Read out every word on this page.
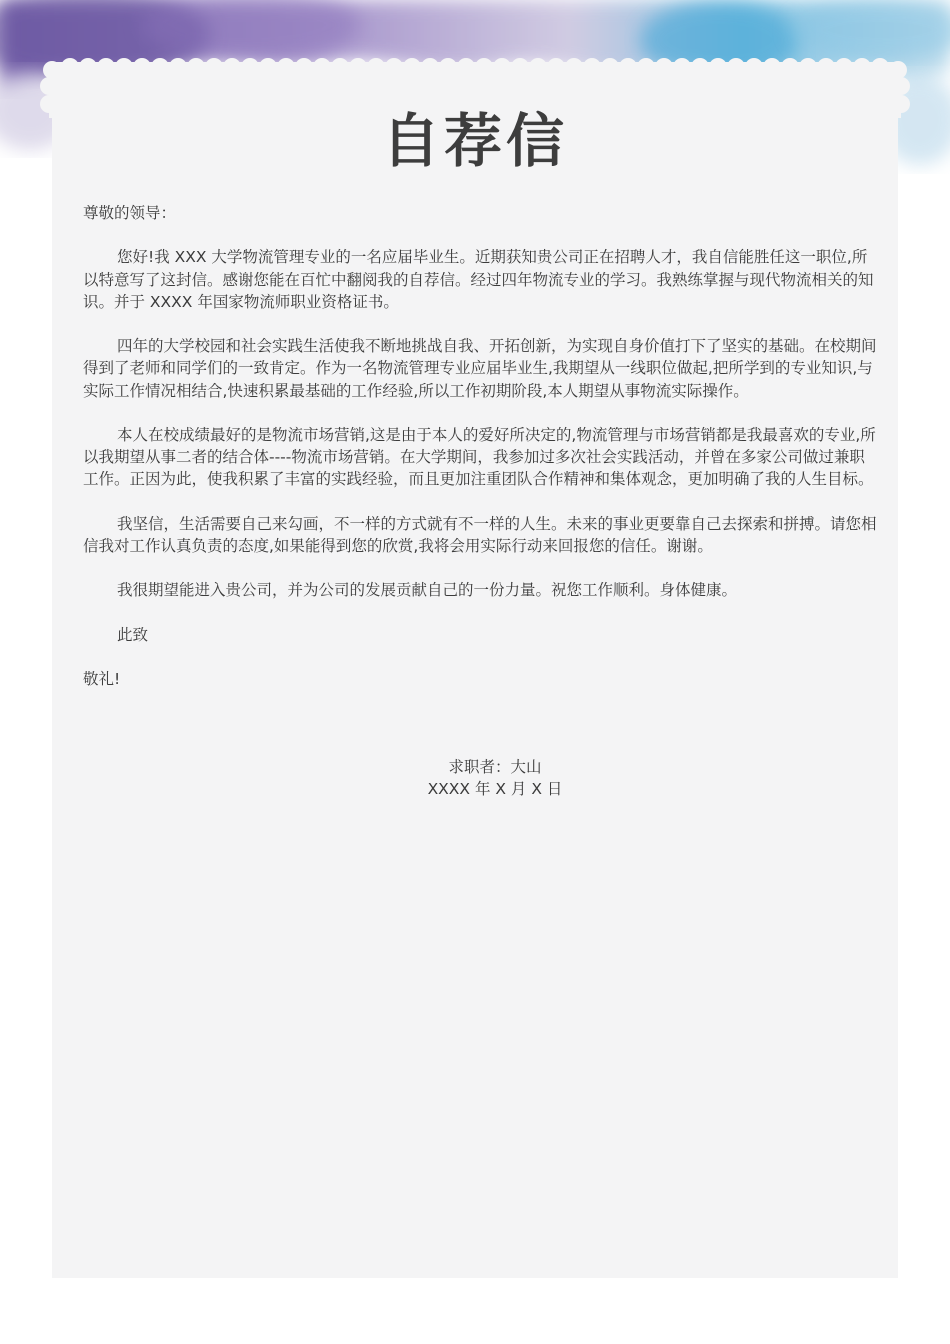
自荐信

尊敬的领导：

您好!我 XXX 大学物流管理专业的一名应届毕业生。近期获知贵公司正在招聘人才，我自信能胜任这一职位,所以特意写了这封信。感谢您能在百忙中翻阅我的自荐信。经过四年物流专业的学习。我熟练掌握与现代物流相关的知识。并于 XXXX 年国家物流师职业资格证书。

四年的大学校园和社会实践生活使我不断地挑战自我、开拓创新，为实现自身价值打下了坚实的基础。在校期间得到了老师和同学们的一致肯定。作为一名物流管理专业应届毕业生,我期望从一线职位做起,把所学到的专业知识,与实际工作情况相结合,快速积累最基础的工作经验,所以工作初期阶段,本人期望从事物流实际操作。

本人在校成绩最好的是物流市场营销,这是由于本人的爱好所决定的,物流管理与市场营销都是我最喜欢的专业,所以我期望从事二者的结合体----物流市场营销。在大学期间，我参加过多次社会实践活动，并曾在多家公司做过兼职工作。正因为此，使我积累了丰富的实践经验，而且更加注重团队合作精神和集体观念，更加明确了我的人生目标。

我坚信，生活需要自己来勾画，不一样的方式就有不一样的人生。未来的事业更要靠自己去探索和拼搏。请您相信我对工作认真负责的态度,如果能得到您的欣赏,我将会用实际行动来回报您的信任。谢谢。

我很期望能进入贵公司，并为公司的发展贡献自己的一份力量。祝您工作顺利。身体健康。

此致

敬礼!

求职者：大山
XXXX 年 X 月 X 日
